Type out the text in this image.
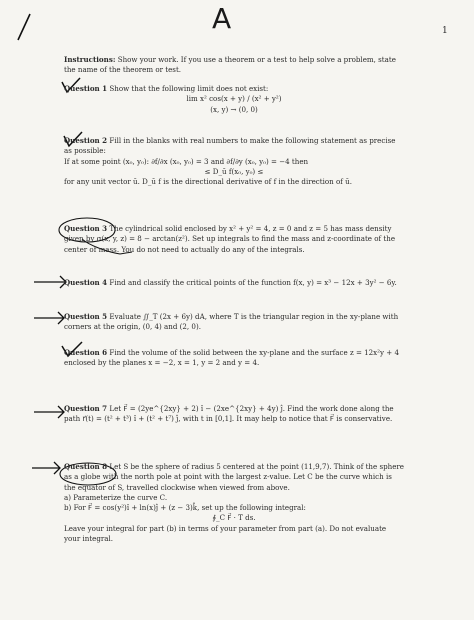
A	1

Instructions: Show your work. If you use a theorem or a test to help solve a problem, state the name of the theorem or test.

Question 1 Show that the following limit does not exist:

lim x² cos(x + y) / (x² + y²)

(x, y) → (0, 0)

Question 2 Fill in the blanks with real numbers to make the following statement as precise as possible:

If at some point (x₀, y₀): ∂f/∂x (x₀, y₀) = 3 and ∂f/∂y (x₀, y₀) = −4 then

≤ D_ū f(x₀, y₀) ≤

for any unit vector ū. D_ū f is the directional derivative of f in the direction of ū.

Question 3 The cylindrical solid enclosed by x² + y² = 4, z = 0 and z = 5 has mass density given by σ(x, y, z) = 8 − arctan(z²). Set up integrals to find the mass and z-coordinate of the center of mass. You do not need to actually do any of the integrals.

Question 4 Find and classify the critical points of the function f(x, y) = x³ − 12x + 3y² − 6y.

Question 5 Evaluate ∬_T (2x + 6y) dA, where T is the triangular region in the xy-plane with corners at the origin, (0, 4) and (2, 0).

Question 6 Find the volume of the solid between the xy-plane and the surface z = 12x²y + 4 enclosed by the planes x = −2, x = 1, y = 2 and y = 4.

Question 7 Let F⃗ = (2ye^{2xy} + 2) î − (2xe^{2xy} + 4y) ĵ. Find the work done along the path r⃗(t) = (t² + t³) î + (t² + t⁷) ĵ, with t in [0,1]. It may help to notice that F⃗ is conservative.

Question 8 Let S be the sphere of radius 5 centered at the point (11,9,7). Think of the sphere as a globe with the north pole at point with the largest z-value. Let C be the curve which is the equator of S, travelled clockwise when viewed from above.

a) Parameterize the curve C.

b) For F⃗ = cos(y²)î + ln(x)ĵ + (z − 3)k̂, set up the following integral:

∮_C F⃗ · T ds.

Leave your integral for part (b) in terms of your parameter from part (a). Do not evaluate your integral.
